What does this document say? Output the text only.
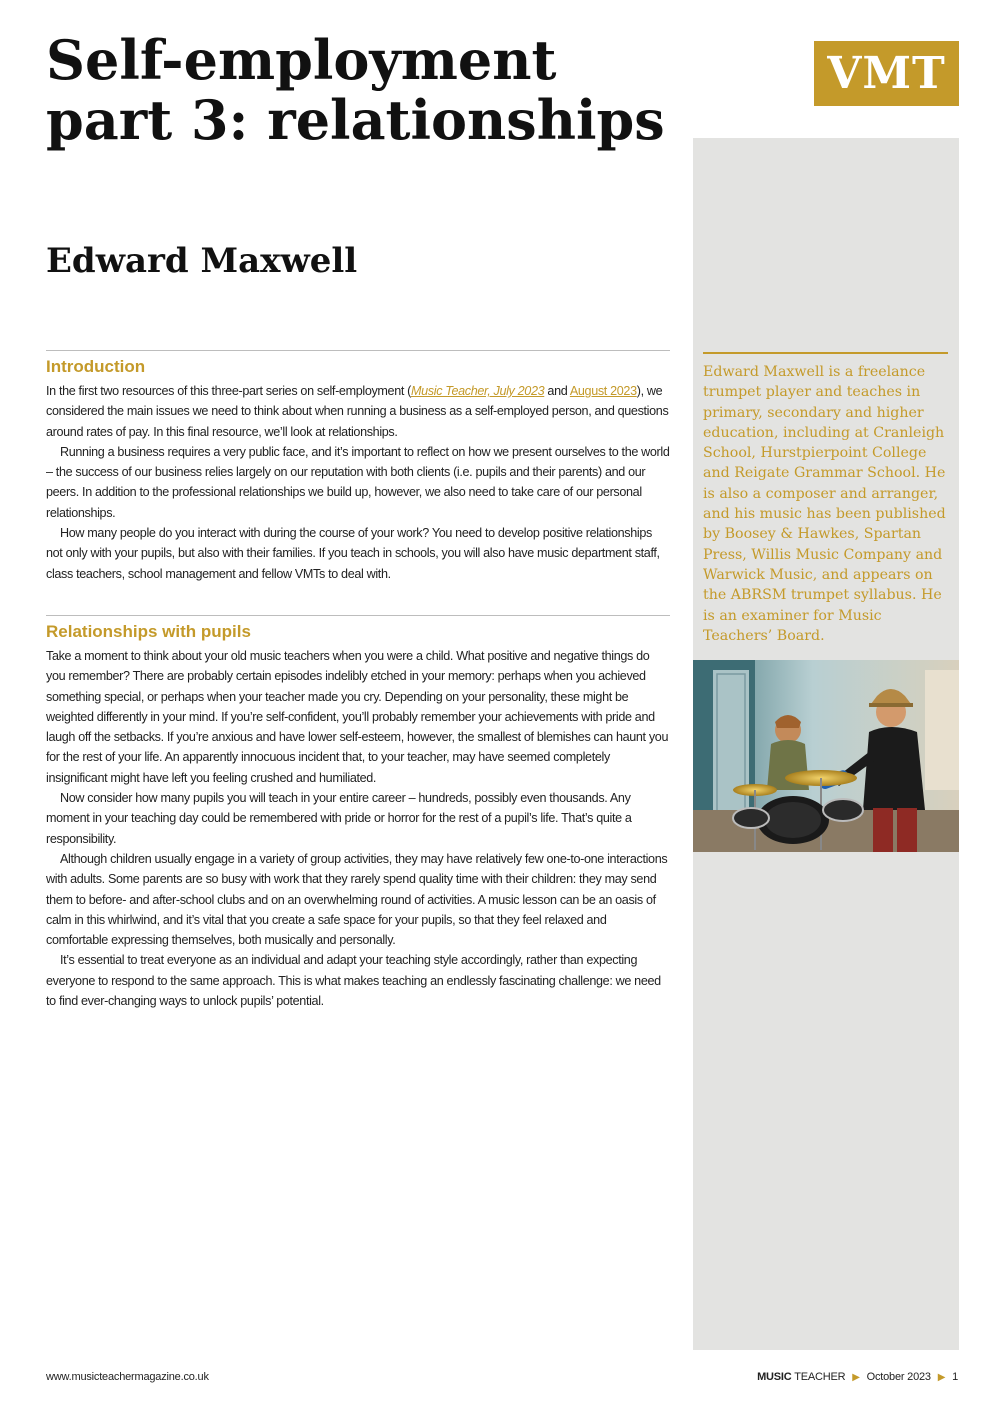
Self-employment part 3: relationships
Edward Maxwell
VMT

Edward Maxwell is a freelance trumpet player and teaches in primary, secondary and higher education, including at Cranleigh School, Hurstpierpoint College and Reigate Grammar School. He is also a composer and arranger, and his music has been published by Boosey & Hawkes, Spartan Press, Willis Music Company and Warwick Music, and appears on the ABRSM trumpet syllabus. He is an examiner for Music Teachers’ Board.

Introduction

In the first two resources of this three-part series on self-employment (Music Teacher, July 2023 and August 2023), we considered the main issues we need to think about when running a business as a self-employed person, and questions around rates of pay. In this final resource, we’ll look at relationships.

Running a business requires a very public face, and it’s important to reflect on how we present ourselves to the world – the success of our business relies largely on our reputation with both clients (i.e. pupils and their parents) and our peers. In addition to the professional relationships we build up, however, we also need to take care of our personal relationships.

How many people do you interact with during the course of your work? You need to develop positive relationships not only with your pupils, but also with their families. If you teach in schools, you will also have music department staff, class teachers, school management and fellow VMTs to deal with.

Relationships with pupils

Take a moment to think about your old music teachers when you were a child. What positive and negative things do you remember? There are probably certain episodes indelibly etched in your memory: perhaps when you achieved something special, or perhaps when your teacher made you cry. Depending on your personality, these might be weighted differently in your mind. If you’re self-confident, you’ll probably remember your achievements with pride and laugh off the setbacks. If you’re anxious and have lower self-esteem, however, the smallest of blemishes can haunt you for the rest of your life. An apparently innocuous incident that, to your teacher, may have seemed completely insignificant might have left you feeling crushed and humiliated.

Now consider how many pupils you will teach in your entire career – hundreds, possibly even thousands. Any moment in your teaching day could be remembered with pride or horror for the rest of a pupil’s life. That’s quite a responsibility.

Although children usually engage in a variety of group activities, they may have relatively few one-to-one interactions with adults. Some parents are so busy with work that they rarely spend quality time with their children: they may send them to before- and after-school clubs and on an overwhelming round of activities. A music lesson can be an oasis of calm in this whirlwind, and it’s vital that you create a safe space for your pupils, so that they feel relaxed and comfortable expressing themselves, both musically and personally.

It’s essential to treat everyone as an individual and adapt your teaching style accordingly, rather than expecting everyone to respond to the same approach. This is what makes teaching an endlessly fascinating challenge: we need to find ever-changing ways to unlock pupils’ potential.

www.musicteachermagazine.co.uk	MUSIC TEACHER ▶ October 2023 ▶ 1
